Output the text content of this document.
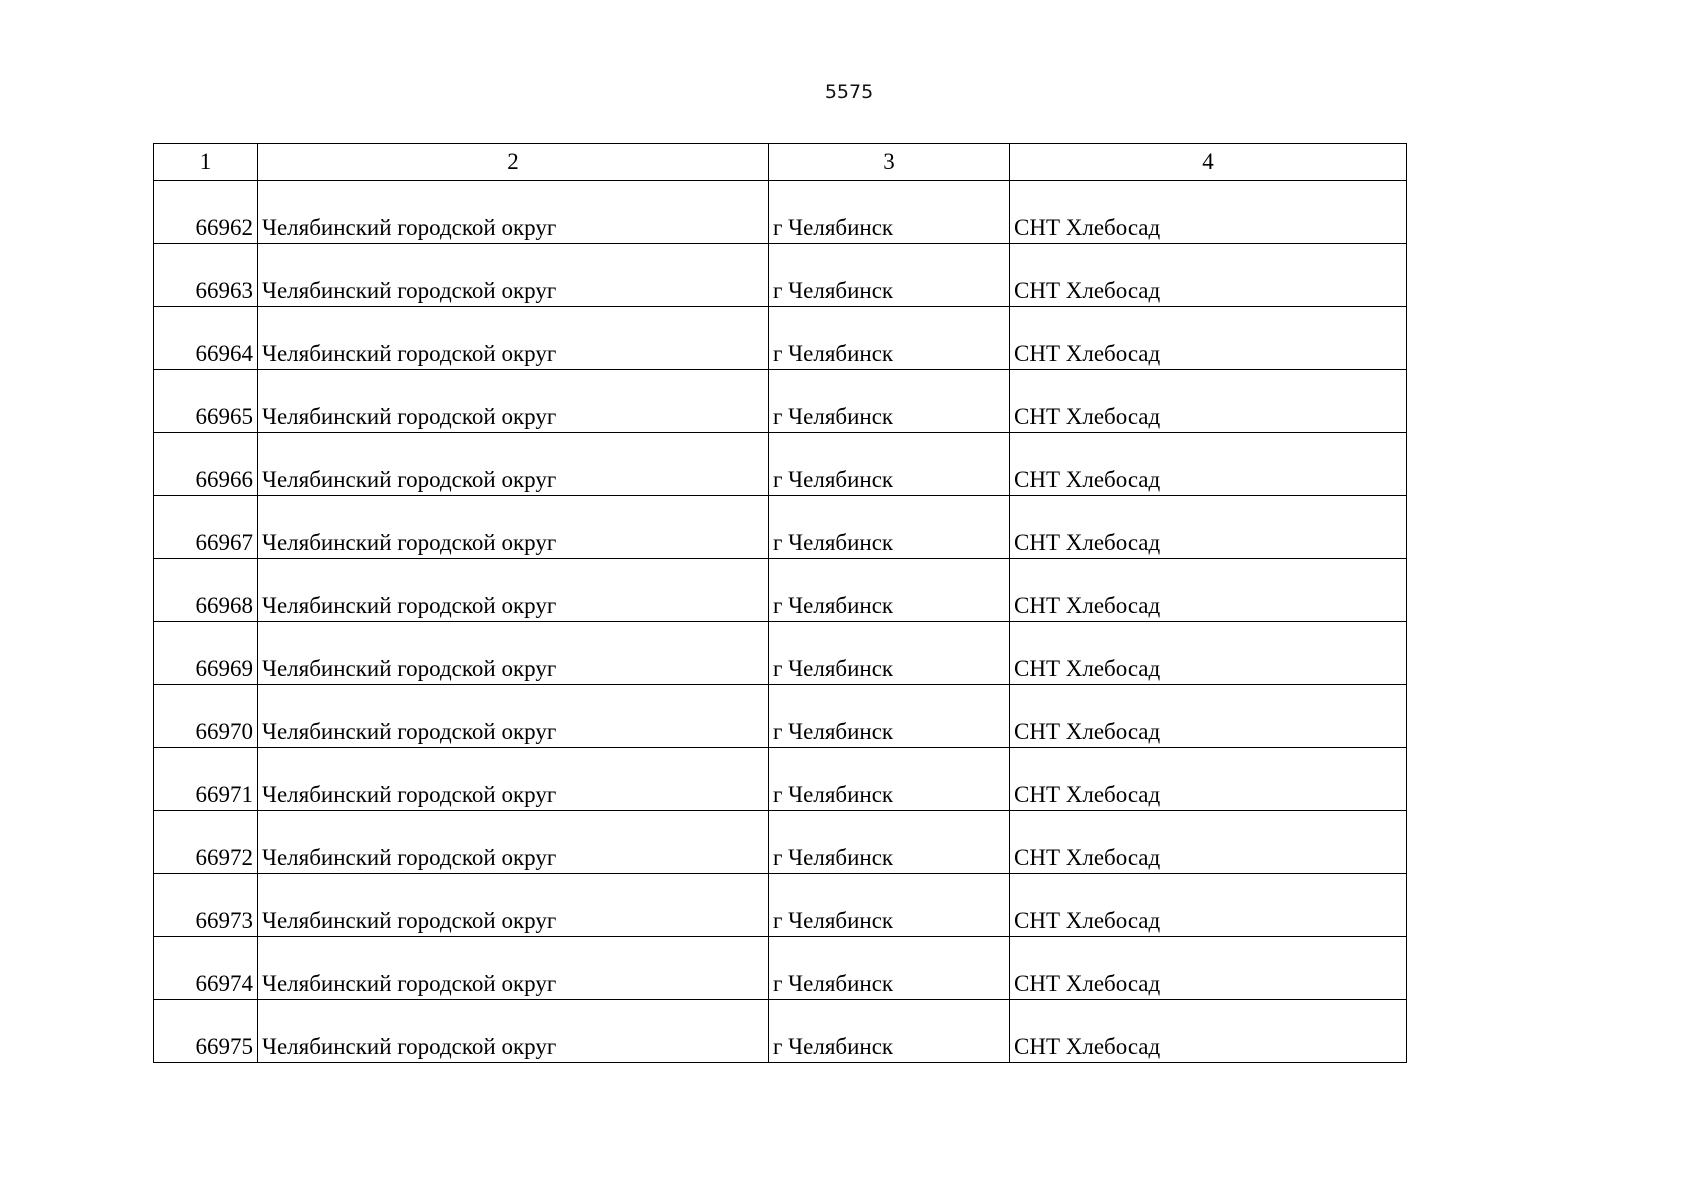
5575
1	2	3	4
66962	Челябинский городской округ	г Челябинск	СНТ Хлебосад
66963	Челябинский городской округ	г Челябинск	СНТ Хлебосад
66964	Челябинский городской округ	г Челябинск	СНТ Хлебосад
66965	Челябинский городской округ	г Челябинск	СНТ Хлебосад
66966	Челябинский городской округ	г Челябинск	СНТ Хлебосад
66967	Челябинский городской округ	г Челябинск	СНТ Хлебосад
66968	Челябинский городской округ	г Челябинск	СНТ Хлебосад
66969	Челябинский городской округ	г Челябинск	СНТ Хлебосад
66970	Челябинский городской округ	г Челябинск	СНТ Хлебосад
66971	Челябинский городской округ	г Челябинск	СНТ Хлебосад
66972	Челябинский городской округ	г Челябинск	СНТ Хлебосад
66973	Челябинский городской округ	г Челябинск	СНТ Хлебосад
66974	Челябинский городской округ	г Челябинск	СНТ Хлебосад
66975	Челябинский городской округ	г Челябинск	СНТ Хлебосад
